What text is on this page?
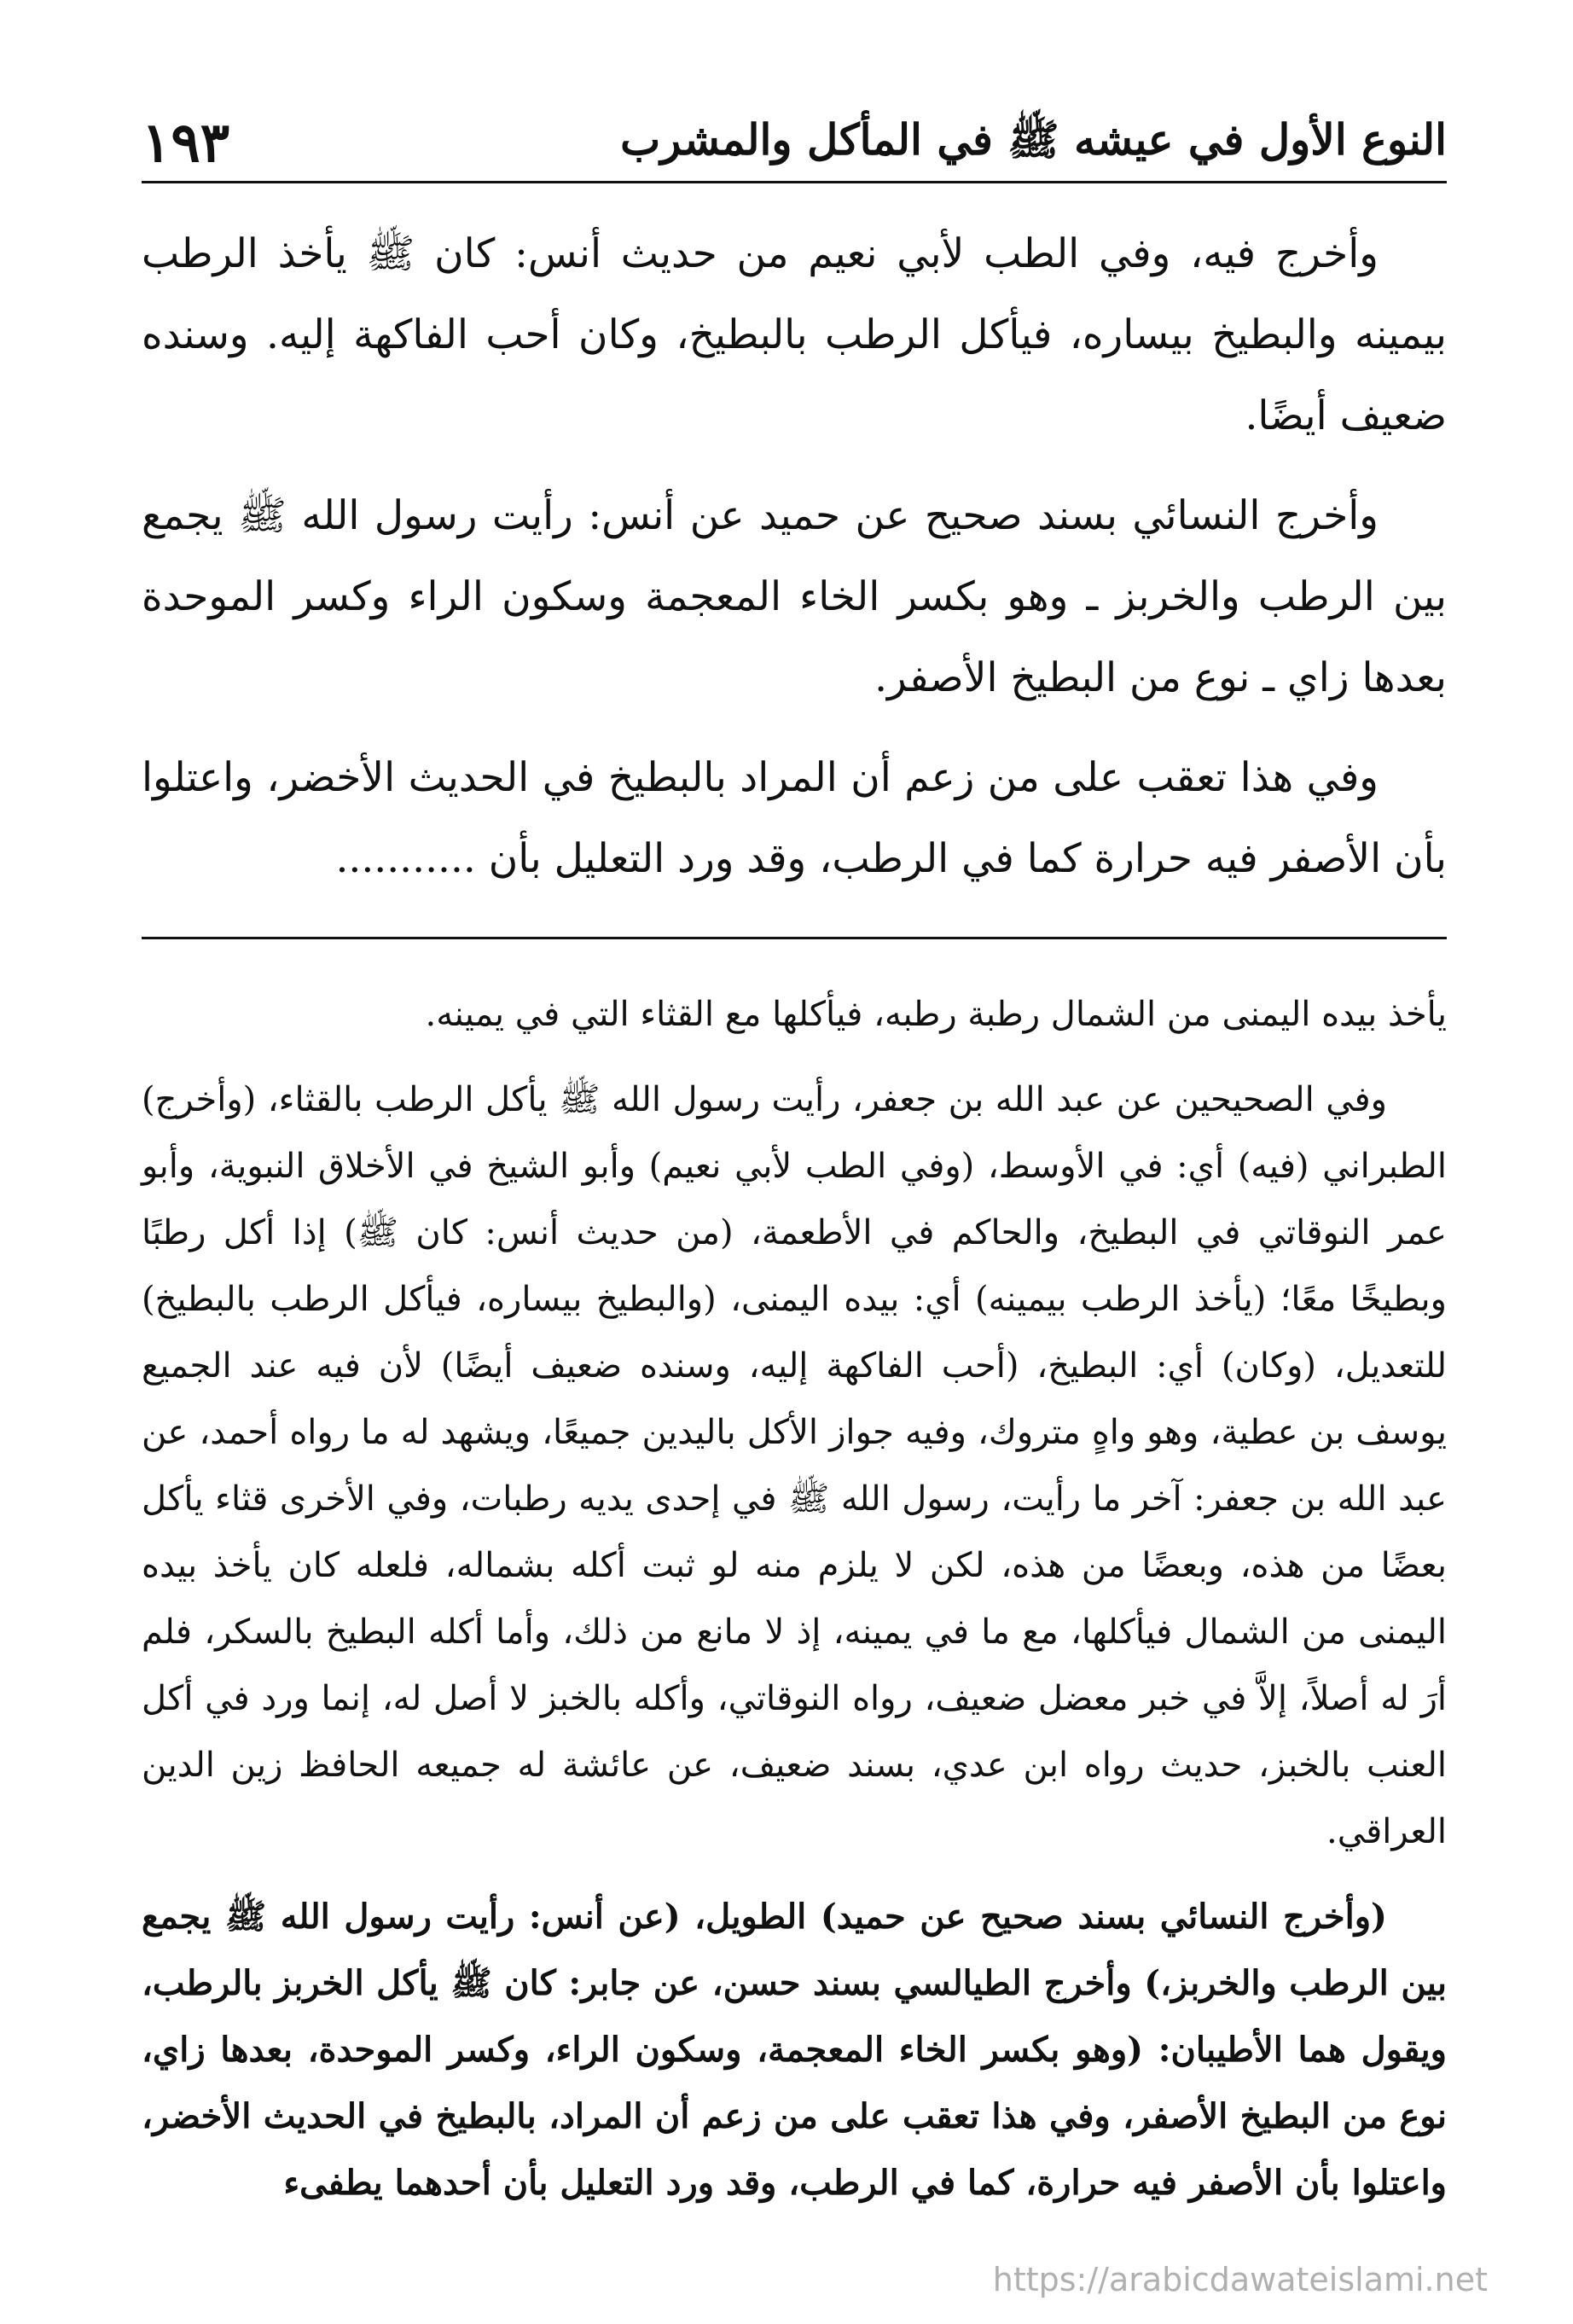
١٩٣	النوع الأول في عيشه ﷺ في المأكل والمشرب

وأخرج فيه، وفي الطب لأبي نعيم من حديث أنس: كان ﷺ يأخذ الرطب بيمينه والبطيخ بيساره، فيأكل الرطب بالبطيخ، وكان أحب الفاكهة إليه. وسنده ضعيف أيضًا.

وأخرج النسائي بسند صحيح عن حميد عن أنس: رأيت رسول الله ﷺ يجمع بين الرطب والخربز ـ وهو بكسر الخاء المعجمة وسكون الراء وكسر الموحدة بعدها زاي ـ نوع من البطيخ الأصفر.

وفي هذا تعقب على من زعم أن المراد بالبطيخ في الحديث الأخضر، واعتلوا بأن الأصفر فيه حرارة كما في الرطب، وقد ورد التعليل بأن ...........

يأخذ بيده اليمنى من الشمال رطبة رطبه، فيأكلها مع القثاء التي في يمينه.

وفي الصحيحين عن عبد الله بن جعفر، رأيت رسول الله ﷺ يأكل الرطب بالقثاء، (وأخرج) الطبراني (فيه) أي: في الأوسط، (وفي الطب لأبي نعيم) وأبو الشيخ في الأخلاق النبوية، وأبو عمر النوقاتي في البطيخ، والحاكم في الأطعمة، (من حديث أنس: كان ﷺ) إذا أكل رطبًا وبطيخًا معًا؛ (يأخذ الرطب بيمينه) أي: بيده اليمنى، (والبطيخ بيساره، فيأكل الرطب بالبطيخ) للتعديل، (وكان) أي: البطيخ، (أحب الفاكهة إليه، وسنده ضعيف أيضًا) لأن فيه عند الجميع يوسف بن عطية، وهو واهٍ متروك، وفيه جواز الأكل باليدين جميعًا، ويشهد له ما رواه أحمد، عن عبد الله بن جعفر: آخر ما رأيت، رسول الله ﷺ في إحدى يديه رطبات، وفي الأخرى قثاء يأكل بعضًا من هذه، وبعضًا من هذه، لكن لا يلزم منه لو ثبت أكله بشماله، فلعله كان يأخذ بيده اليمنى من الشمال فيأكلها، مع ما في يمينه، إذ لا مانع من ذلك، وأما أكله البطيخ بالسكر، فلم أرَ له أصلاً، إلاَّ في خبر معضل ضعيف، رواه النوقاتي، وأكله بالخبز لا أصل له، إنما ورد في أكل العنب بالخبز، حديث رواه ابن عدي، بسند ضعيف، عن عائشة له جميعه الحافظ زين الدين العراقي.

(وأخرج النسائي بسند صحيح عن حميد) الطويل، (عن أنس: رأيت رسول الله ﷺ يجمع بين الرطب والخربز،) وأخرج الطيالسي بسند حسن، عن جابر: كان ﷺ يأكل الخربز بالرطب، ويقول هما الأطيبان: (وهو بكسر الخاء المعجمة، وسكون الراء، وكسر الموحدة، بعدها زاي، نوع من البطيخ الأصفر، وفي هذا تعقب على من زعم أن المراد، بالبطيخ في الحديث الأخضر، واعتلوا بأن الأصفر فيه حرارة، كما في الرطب، وقد ورد التعليل بأن أحدهما يطفىء

https://arabicdawateislami.net
